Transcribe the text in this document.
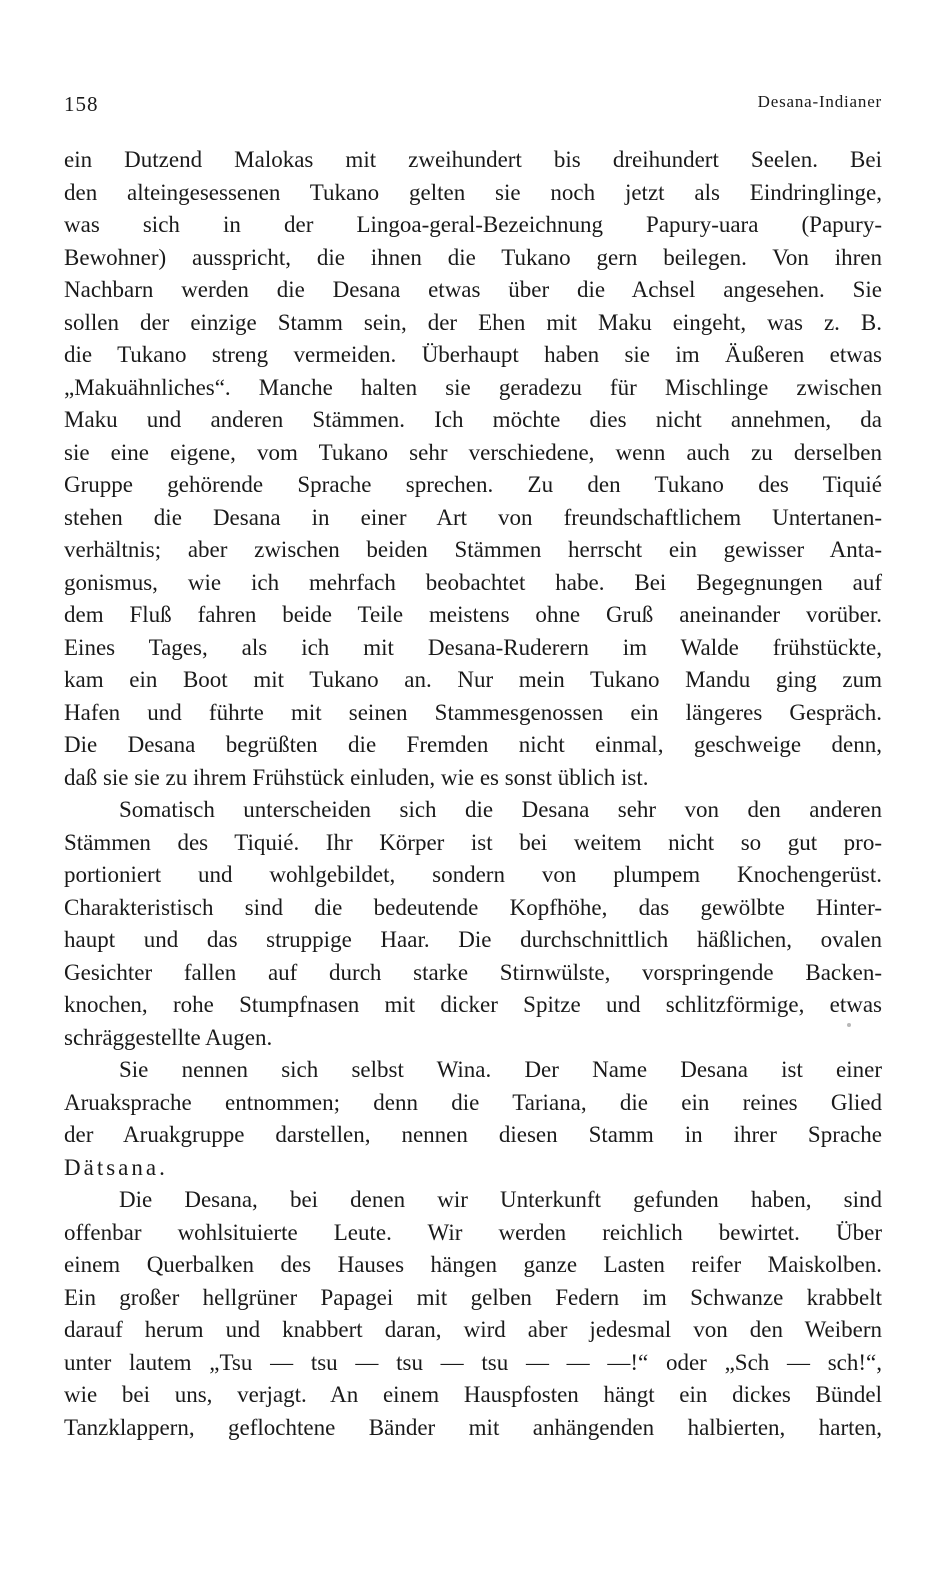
158	Desana-Indianer
ein Dutzend Malokas mit zweihundert bis dreihundert Seelen. Bei
den alteingesessenen Tukano gelten sie noch jetzt als Eindringlinge,
was sich in der Lingoa-geral-Bezeichnung Papury-uara (Papury-
Bewohner) ausspricht, die ihnen die Tukano gern beilegen. Von ihren
Nachbarn werden die Desana etwas über die Achsel angesehen. Sie
sollen der einzige Stamm sein, der Ehen mit Maku eingeht, was z. B.
die Tukano streng vermeiden. Überhaupt haben sie im Äußeren etwas
„Makuähnliches“. Manche halten sie geradezu für Mischlinge zwischen
Maku und anderen Stämmen. Ich möchte dies nicht annehmen, da
sie eine eigene, vom Tukano sehr verschiedene, wenn auch zu derselben
Gruppe gehörende Sprache sprechen. Zu den Tukano des Tiquié
stehen die Desana in einer Art von freundschaftlichem Untertanen-
verhältnis; aber zwischen beiden Stämmen herrscht ein gewisser Anta-
gonismus, wie ich mehrfach beobachtet habe. Bei Begegnungen auf
dem Fluß fahren beide Teile meistens ohne Gruß aneinander vorüber.
Eines Tages, als ich mit Desana-Ruderern im Walde frühstückte,
kam ein Boot mit Tukano an. Nur mein Tukano Mandu ging zum
Hafen und führte mit seinen Stammesgenossen ein längeres Gespräch.
Die Desana begrüßten die Fremden nicht einmal, geschweige denn,
daß sie sie zu ihrem Frühstück einluden, wie es sonst üblich ist.
Somatisch unterscheiden sich die Desana sehr von den anderen
Stämmen des Tiquié. Ihr Körper ist bei weitem nicht so gut pro-
portioniert und wohlgebildet, sondern von plumpem Knochengerüst.
Charakteristisch sind die bedeutende Kopfhöhe, das gewölbte Hinter-
haupt und das struppige Haar. Die durchschnittlich häßlichen, ovalen
Gesichter fallen auf durch starke Stirnwülste, vorspringende Backen-
knochen, rohe Stumpfnasen mit dicker Spitze und schlitzförmige, etwas
schräggestellte Augen.
Sie nennen sich selbst Wina. Der Name Desana ist einer
Aruaksprache entnommen; denn die Tariana, die ein reines Glied
der Aruakgruppe darstellen, nennen diesen Stamm in ihrer Sprache
Dätsana.
Die Desana, bei denen wir Unterkunft gefunden haben, sind
offenbar wohlsituierte Leute. Wir werden reichlich bewirtet. Über
einem Querbalken des Hauses hängen ganze Lasten reifer Maiskolben.
Ein großer hellgrüner Papagei mit gelben Federn im Schwanze krabbelt
darauf herum und knabbert daran, wird aber jedesmal von den Weibern
unter lautem „Tsu — tsu — tsu — tsu — — —!“ oder „Sch — sch!“,
wie bei uns, verjagt. An einem Hauspfosten hängt ein dickes Bündel
Tanzklappern, geflochtene Bänder mit anhängenden halbierten, harten,
